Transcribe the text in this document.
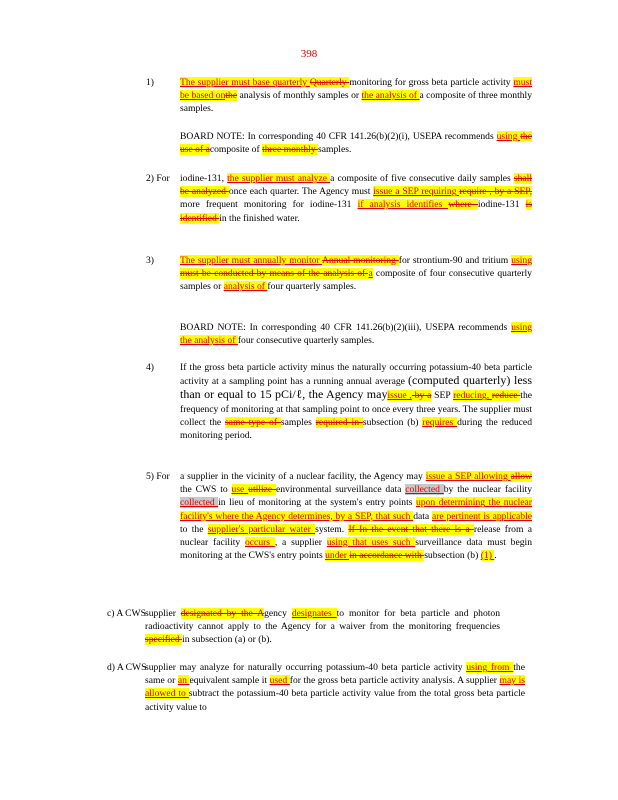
398
1)	The supplier must base quarterly Quarterly monitoring for gross beta particle activity must be based onthe analysis of monthly samples or the analysis of a composite of three monthly samples.
BOARD NOTE: In corresponding 40 CFR 141.26(b)(2)(i), USEPA recommends using the use of acomposite of three monthly samples.
2) For iodine-131, the supplier must analyze a composite of five consecutive daily samples shall be analyzed once each quarter. The Agency must issue a SEP requiring require , by a SEP, more frequent monitoring for iodine-131 if analysis identifies where iodine-131 is identified in the finished water.
3)	The supplier must annually monitor Annual monitoring for strontium-90 and tritium using must be conducted by means of the analysis of a composite of four consecutive quarterly samples or analysis of four quarterly samples.
BOARD NOTE: In corresponding 40 CFR 141.26(b)(2)(iii), USEPA recommends using the analysis of four consecutive quarterly samples.
4)	If the gross beta particle activity minus the naturally occurring potassium-40 beta particle activity at a sampling point has a running annual average (computed quarterly) less than or equal to 15 pCi/ℓ, the Agency mayissue , by a SEP reducing, reduce the frequency of monitoring at that sampling point to once every three years. The supplier must collect the same type of samples required in subsection (b) requires during the reduced monitoring period.
5) For a supplier in the vicinity of a nuclear facility, the Agency may issue a SEP allowing allow the CWS to use utilize environmental surveillance data collected by the nuclear facility collected in lieu of monitoring at the system's entry points upon determining the nuclear facility's where the Agency determines, by a SEP, that such data are pertinent is applicable to the supplier's particular water system. If In the event that there is a release from a nuclear facility occurs , a supplier using that uses such surveillance data must begin monitoring at the CWS's entry points under in accordance with subsection (b) (1) .
c) A CWS supplier designated by the Agency designates to monitor for beta particle and photon radioactivity cannot apply to the Agency for a waiver from the monitoring frequencies specified in subsection (a) or (b).
d) A CWS
supplier may analyze for naturally occurring potassium-40 beta particle activity using from the same or an equivalent sample it used for the gross beta particle activity analysis. A supplier may is allowed to subtract the potassium-40 beta particle activity value from the total gross beta particle activity value to
